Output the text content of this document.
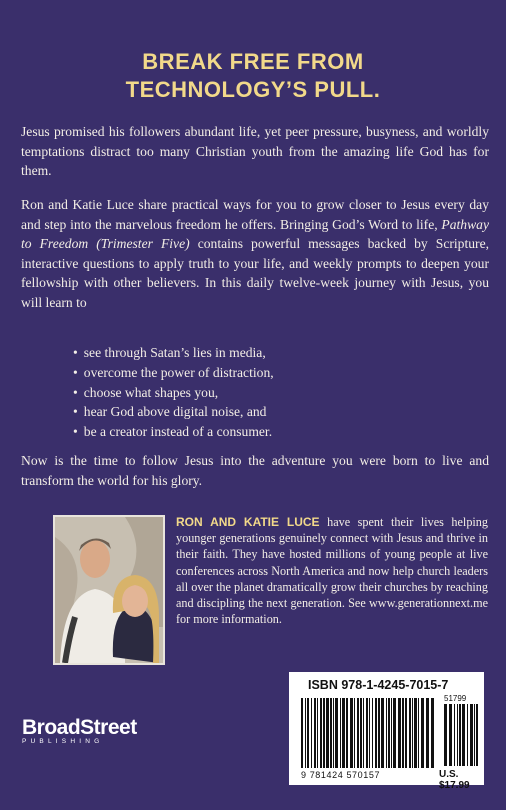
BREAK FREE FROM
TECHNOLOGY’S PULL.
Jesus promised his followers abundant life, yet peer pressure, busyness, and worldly temptations distract too many Christian youth from the amazing life God has for them.
Ron and Katie Luce share practical ways for you to grow closer to Jesus every day and step into the marvelous freedom he offers. Bringing God’s Word to life, Pathway to Freedom (Trimester Five) contains powerful messages backed by Scripture, interactive questions to apply truth to your life, and weekly prompts to deepen your fellowship with other believers. In this daily twelve-week journey with Jesus, you will learn to
• see through Satan’s lies in media,
• overcome the power of distraction,
• choose what shapes you,
• hear God above digital noise, and
• be a creator instead of a consumer.
Now is the time to follow Jesus into the adventure you were born to live and transform the world for his glory.
RON AND KATIE LUCE have spent their lives helping younger generations genuinely connect with Jesus and thrive in their faith. They have hosted millions of young people at live conferences across North America and now help church leaders all over the planet dramatically grow their churches by reaching and discipling the next generation. See www.generationnext.me for more information.
BroadStreet
PUBLISHING
ISBN 978-1-4245-7015-7
51799
9 781424 570157	U.S. $17.99
